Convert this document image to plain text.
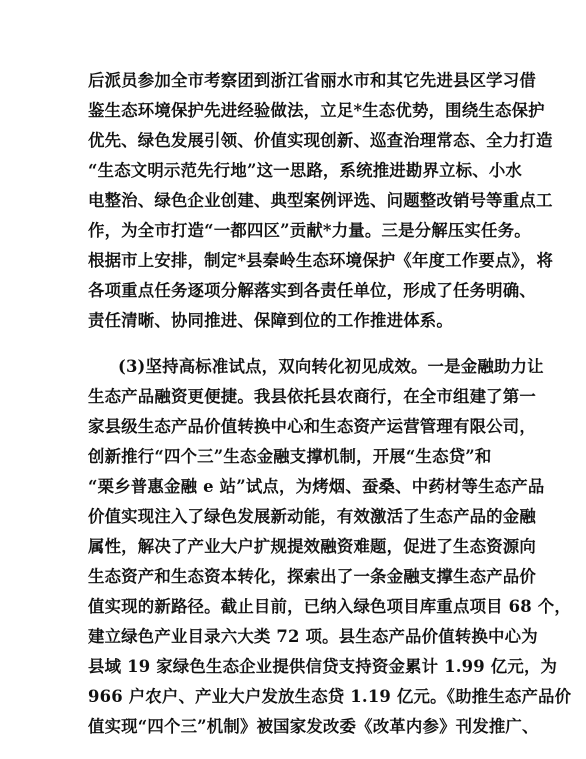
后派员参加全市考察团到浙江省丽水市和其它先进县区学习借
鉴生态环境保护先进经验做法，立足*生态优势，围绕生态保护
优先、绿色发展引领、价值实现创新、巡查治理常态、全力打造
“生态文明示范先行地”这一思路，系统推进勘界立标、小水
电整治、绿色企业创建、典型案例评选、问题整改销号等重点工
作，为全市打造“一都四区”贡献*力量。三是分解压实任务。
根据市上安排，制定*县秦岭生态环境保护《年度工作要点》，将
各项重点任务逐项分解落实到各责任单位，形成了任务明确、
责任清晰、协同推进、保障到位的工作推进体系。
(3)坚持高标准试点，双向转化初见成效。一是金融助力让
生态产品融资更便捷。我县依托县农商行，在全市组建了第一
家县级生态产品价值转换中心和生态资产运营管理有限公司，
创新推行“四个三”生态金融支撑机制，开展“生态贷”和
“栗乡普惠金融 e 站”试点，为烤烟、蚕桑、中药材等生态产品
价值实现注入了绿色发展新动能，有效激活了生态产品的金融
属性，解决了产业大户扩规提效融资难题，促进了生态资源向
生态资产和生态资本转化，探索出了一条金融支撑生态产品价
值实现的新路径。截止目前，已纳入绿色项目库重点项目 68 个，
建立绿色产业目录六大类 72 项。县生态产品价值转换中心为
县域 19 家绿色生态企业提供信贷支持资金累计 1.99 亿元，为
966 户农户、产业大户发放生态贷 1.19 亿元。《助推生态产品价
值实现“四个三”机制》被国家发改委《改革内参》刊发推广、
